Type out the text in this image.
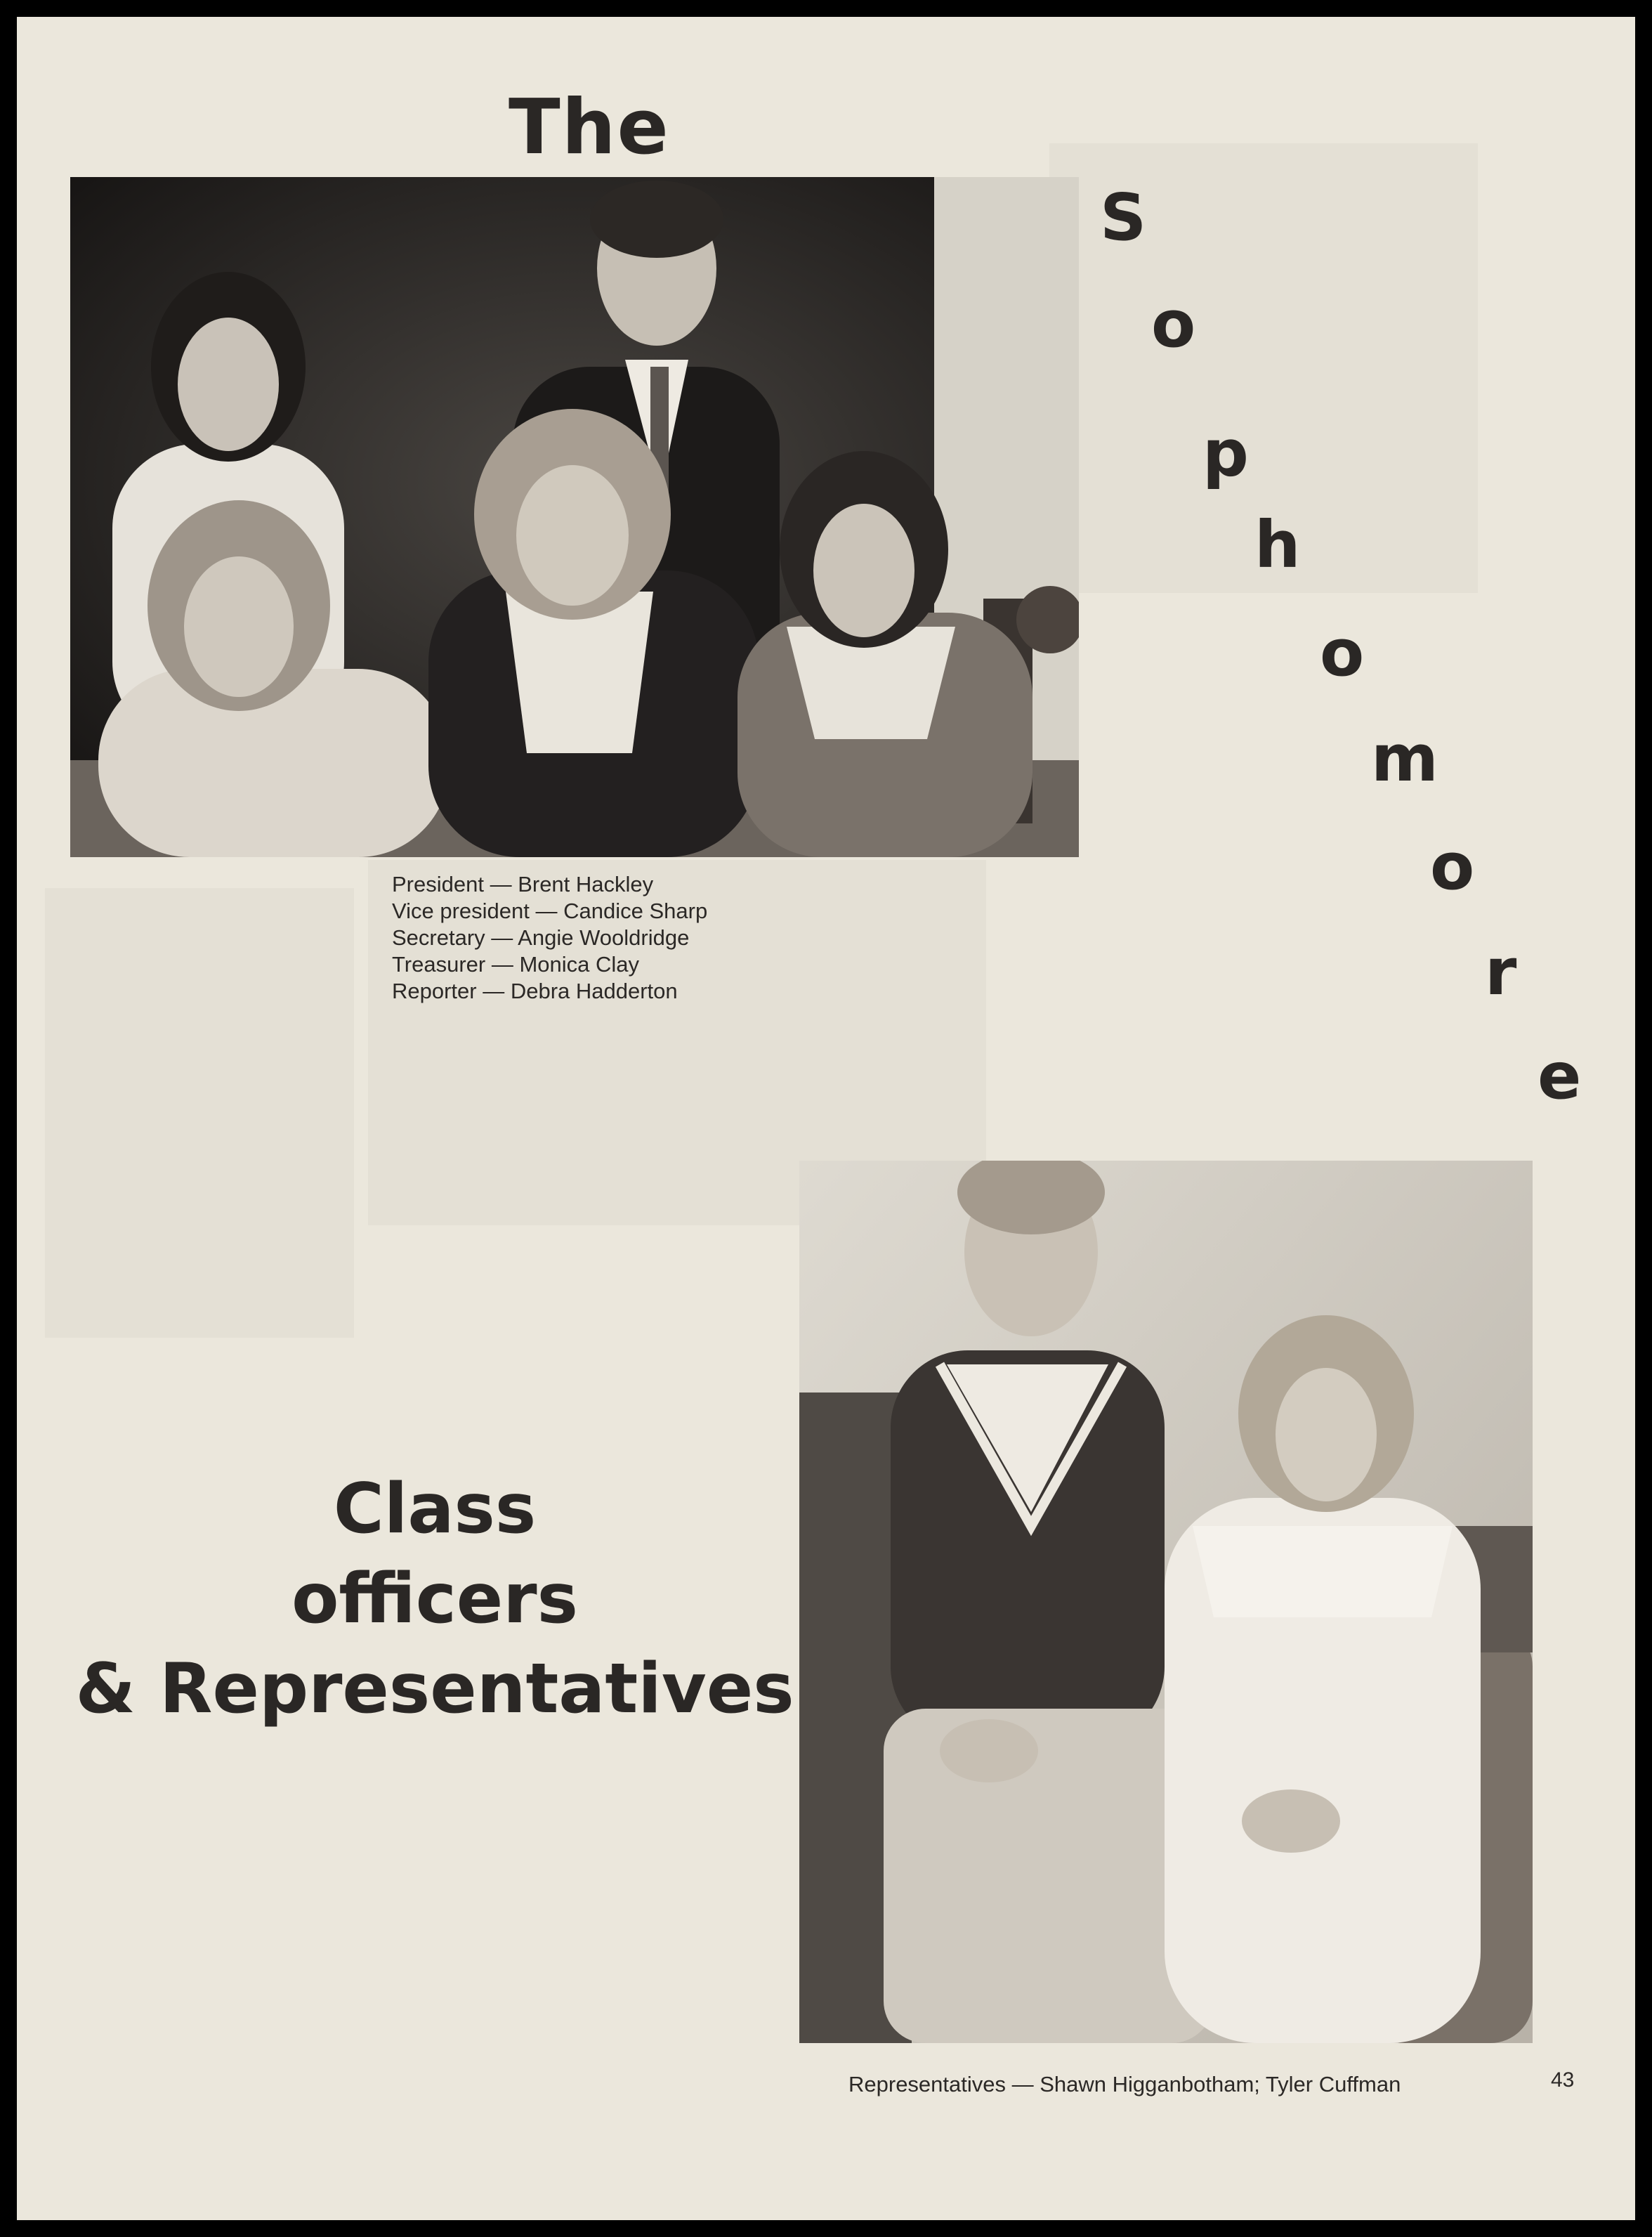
The
S
o
p
h
o
m
o
r
e
President — Brent Hackley
Vice president — Candice Sharp
Secretary — Angie Wooldridge
Treasurer — Monica Clay
Reporter — Debra Hadderton
Class
officers
& Representatives
Representatives — Shawn Higganbotham; Tyler Cuffman	43
